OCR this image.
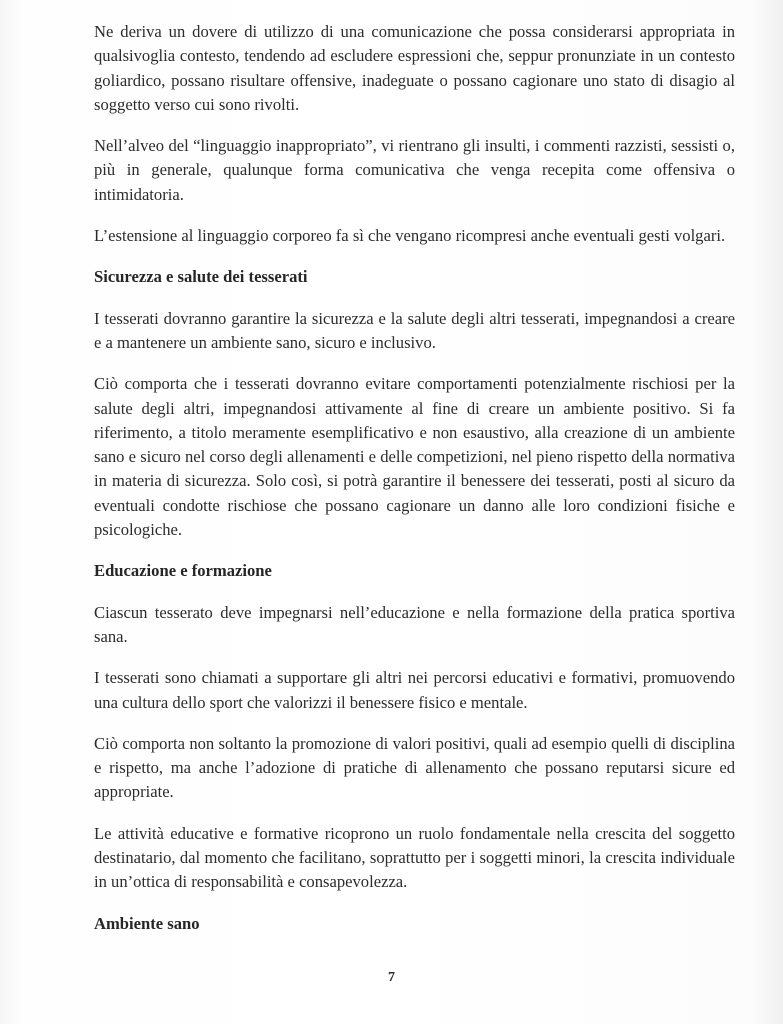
Ne deriva un dovere di utilizzo di una comunicazione che possa considerarsi appropriata in qualsivoglia contesto, tendendo ad escludere espressioni che, seppur pronunziate in un contesto goliardico, possano risultare offensive, inadeguate o possano cagionare uno stato di disagio al soggetto verso cui sono rivolti.

Nell’alveo del “linguaggio inappropriato”, vi rientrano gli insulti, i commenti razzisti, sessisti o, più in generale, qualunque forma comunicativa che venga recepita come offensiva o intimidatoria.

L’estensione al linguaggio corporeo fa sì che vengano ricompresi anche eventuali gesti volgari.

Sicurezza e salute dei tesserati

I tesserati dovranno garantire la sicurezza e la salute degli altri tesserati, impegnandosi a creare e a mantenere un ambiente sano, sicuro e inclusivo.

Ciò comporta che i tesserati dovranno evitare comportamenti potenzialmente rischiosi per la salute degli altri, impegnandosi attivamente al fine di creare un ambiente positivo. Si fa riferimento, a titolo meramente esemplificativo e non esaustivo, alla creazione di un ambiente sano e sicuro nel corso degli allenamenti e delle competizioni, nel pieno rispetto della normativa in materia di sicurezza. Solo così, si potrà garantire il benessere dei tesserati, posti al sicuro da eventuali condotte rischiose che possano cagionare un danno alle loro condizioni fisiche e psicologiche.

Educazione e formazione

Ciascun tesserato deve impegnarsi nell’educazione e nella formazione della pratica sportiva sana.

I tesserati sono chiamati a supportare gli altri nei percorsi educativi e formativi, promuovendo una cultura dello sport che valorizzi il benessere fisico e mentale.

Ciò comporta non soltanto la promozione di valori positivi, quali ad esempio quelli di disciplina e rispetto, ma anche l’adozione di pratiche di allenamento che possano reputarsi sicure ed appropriate.

Le attività educative e formative ricoprono un ruolo fondamentale nella crescita del soggetto destinatario, dal momento che facilitano, soprattutto per i soggetti minori, la crescita individuale in un’ottica di responsabilità e consapevolezza.

Ambiente sano
7
